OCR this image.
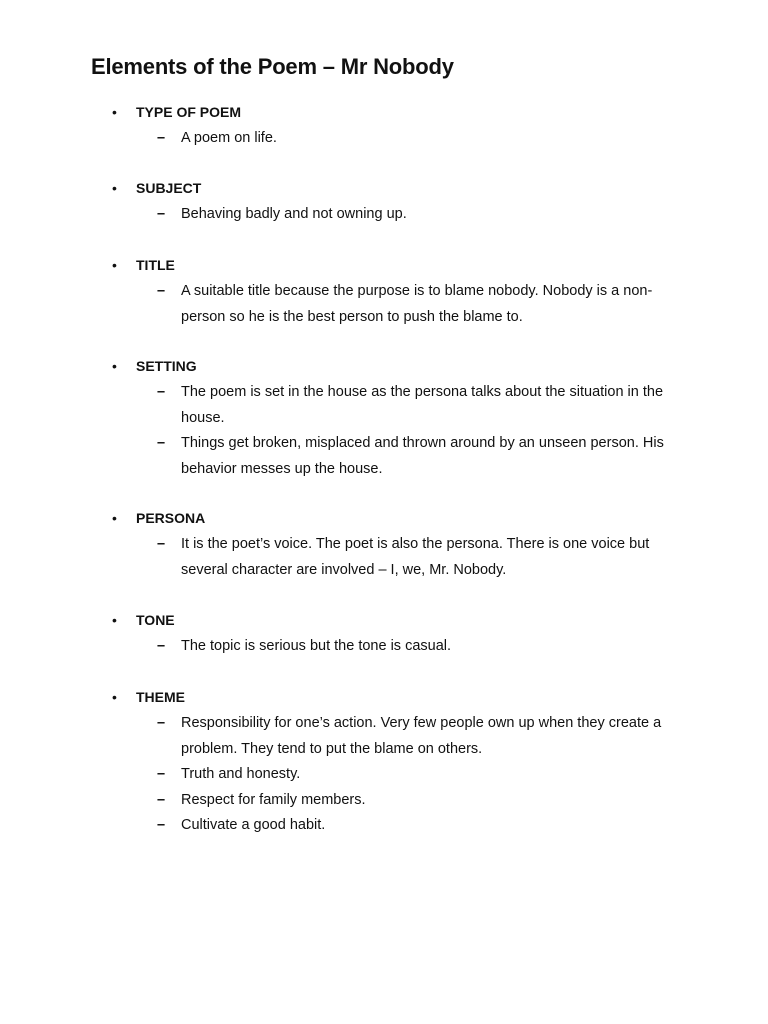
Elements of the Poem – Mr Nobody
• TYPE OF POEM
– A poem on life.
• SUBJECT
– Behaving badly and not owning up.
• TITLE
– A suitable title because the purpose is to blame nobody. Nobody is a non-person so he is the best person to push the blame to.
• SETTING
– The poem is set in the house as the persona talks about the situation in the house.
– Things get broken, misplaced and thrown around by an unseen person. His behavior messes up the house.
• PERSONA
– It is the poet’s voice. The poet is also the persona. There is one voice but several character are involved – I, we, Mr. Nobody.
• TONE
– The topic is serious but the tone is casual.
• THEME
– Responsibility for one’s action. Very few people own up when they create a problem. They tend to put the blame on others.
– Truth and honesty.
– Respect for family members.
– Cultivate a good habit.
